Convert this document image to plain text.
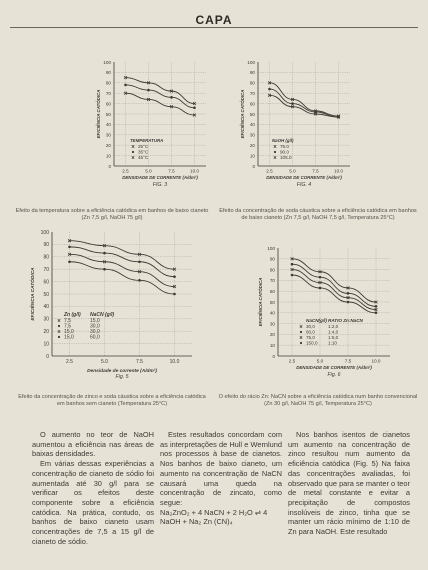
CAPA
100
90
80
70
60
50
40
30
20
10
0
2.5	5.0	7.5	10.0
EFICIÊNCIA CATÓDICA
DENSIDADE DE CORRENTE (A/dm²)
FIG. 3
TEMPERATURA
25°C
35°C
45°C

Efeito da temperatura sobre a eficiência catódica em banhos de baixo cianeto (Zn 7,5 g/l, NaOH 75 g/l)

100
90
80
70
60
50
40
30
20
10
0
2.5	5.0	7.5	10.0
EFICIÊNCIA CATÓDICA
DENSIDADE DE CORRENTE (A/dm²)
FIG. 4
NaOH (g/l)
75.0
90.0
105.0

Efeito da concentração de soda cáustica sobre a eficiência catódica em banhos de baixo cianeto (Zn 7,5 g/l, NaOH 7,5 g/l, Temperatura 25°C)

100
90
80
70
60
50
40
30
20
10
0
2.5	5.0	7.5	10.0
EFICIÊNCIA CATÓDICA
Densidade de corrente (A/dm²)
Fig. 5
Zn (g/l) NaCN (g/l)
7,5	15,0
7,5	30,0
15,0	30,0
15,0	60,0

Efeito da concentração de zinco e soda cáustica sobre a eficiência catódica em banhos sem cianeto (Temperatura 25°C)

100
90
80
70
60
50
40
30
20
10
0
2.5	5.0	7.5	10.0
EFICIÊNCIA CATÓDICA
DENSIDADE DE CORRENTE (A/dm²)
Fig. 6
NaCN(g/l) RATIO Zn:NaCN
30,0	1:2,0
60,0	1:4,0
75,0	1:5,0
150,0 1:10

O efeito do rácio Zn: NaCN sobre a eficiência catódica num banho convencional (Zn 30 g/l, NaOH 75 g/l, Temperatura 25°C)

O aumento no teor de NaOH aumentou a eficiência nas áreas de baixas densidades.

Em várias dessas experiências a concentração de cianeto de sódio foi aumentada até 30 g/l para se verificar os efeitos deste componente sobre a eficiência catódica. Na prática, contudo, os banhos de baixo cianeto usam concentrações de 7,5 a 15 g/l de cianeto de sódio.

Estes resultados concordam com as interpretações de Hull e Wernlund nos processos à base de cianetos. Nos banhos de baixo cianeto, um aumento na concentração de NaCN causará uma queda na concentração de zincato, como segue:

Na₂ZnO₂ + 4 NaCN + 2 H₂O ⇌ 4 NaOH + Na₂ Zn (CN)₄

Nos banhos isentos de cianetos um aumento na concentração de zinco resultou num aumento da eficiência catódica (Fig. 5) Na faixa das concentrações avaliadas, foi observado que para se manter o teor de metal constante e evitar a precipitação de compostos insolúveis de zinco, tinha que se manter um rácio mínimo de 1:10 de Zn para NaOH. Este resultado
